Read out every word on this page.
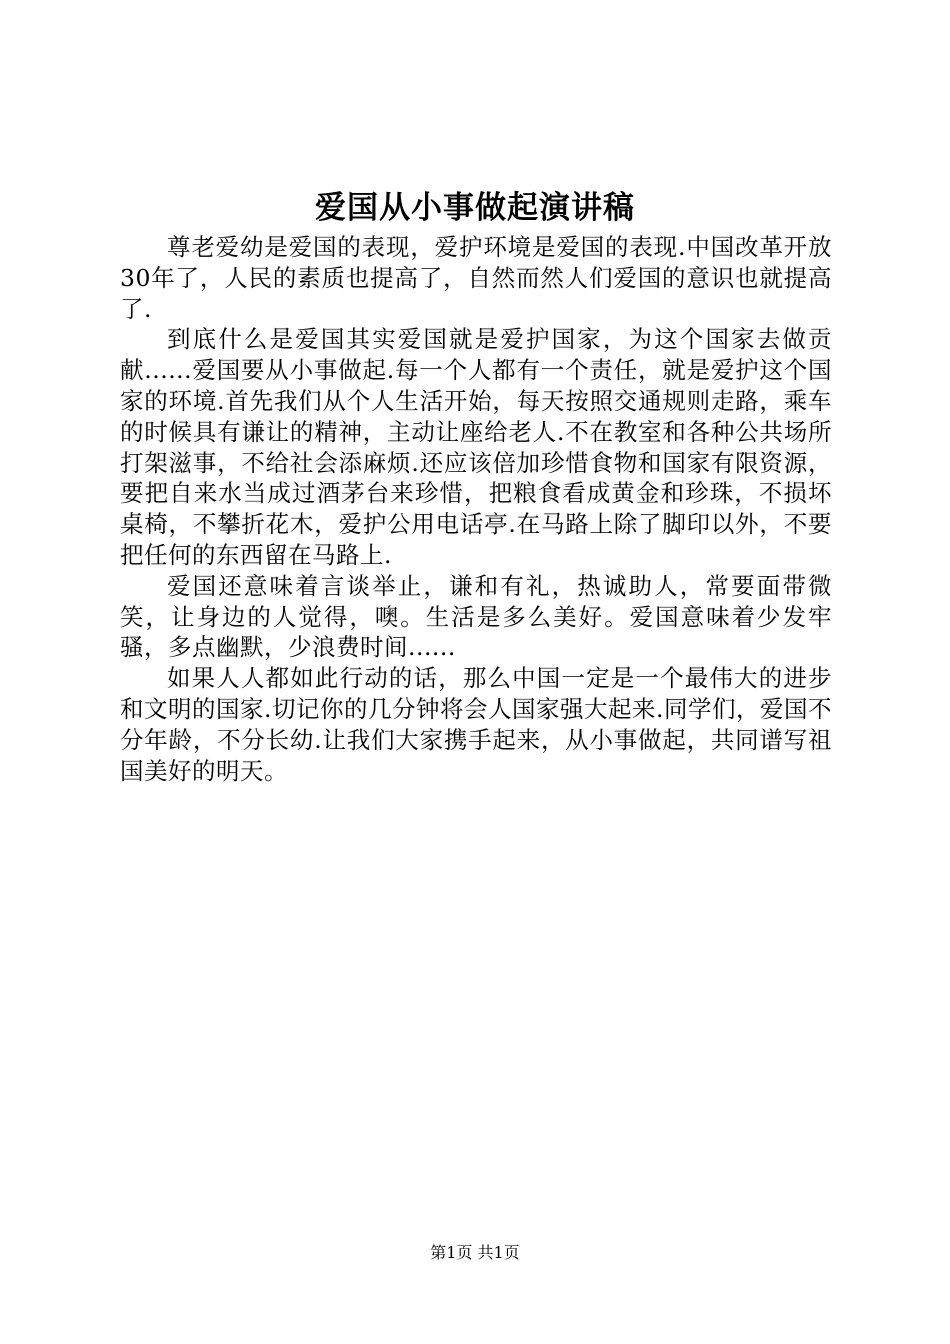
爱国从小事做起演讲稿

尊老爱幼是爱国的表现，爱护环境是爱国的表现.中国改革开放30年了，人民的素质也提高了，自然而然人们爱国的意识也就提高了.

到底什么是爱国其实爱国就是爱护国家，为这个国家去做贡献......爱国要从小事做起.每一个人都有一个责任，就是爱护这个国家的环境.首先我们从个人生活开始，每天按照交通规则走路，乘车的时候具有谦让的精神，主动让座给老人.不在教室和各种公共场所打架滋事，不给社会添麻烦.还应该倍加珍惜食物和国家有限资源，要把自来水当成过酒茅台来珍惜，把粮食看成黄金和珍珠，不损坏桌椅，不攀折花木，爱护公用电话亭.在马路上除了脚印以外，不要把任何的东西留在马路上.

爱国还意味着言谈举止，谦和有礼，热诚助人，常要面带微笑，让身边的人觉得，噢。生活是多么美好。爱国意味着少发牢骚，多点幽默，少浪费时间......

如果人人都如此行动的话，那么中国一定是一个最伟大的进步和文明的国家.切记你的几分钟将会人国家强大起来.同学们，爱国不分年龄，不分长幼.让我们大家携手起来，从小事做起，共同谱写祖国美好的明天。

第1页 共1页
